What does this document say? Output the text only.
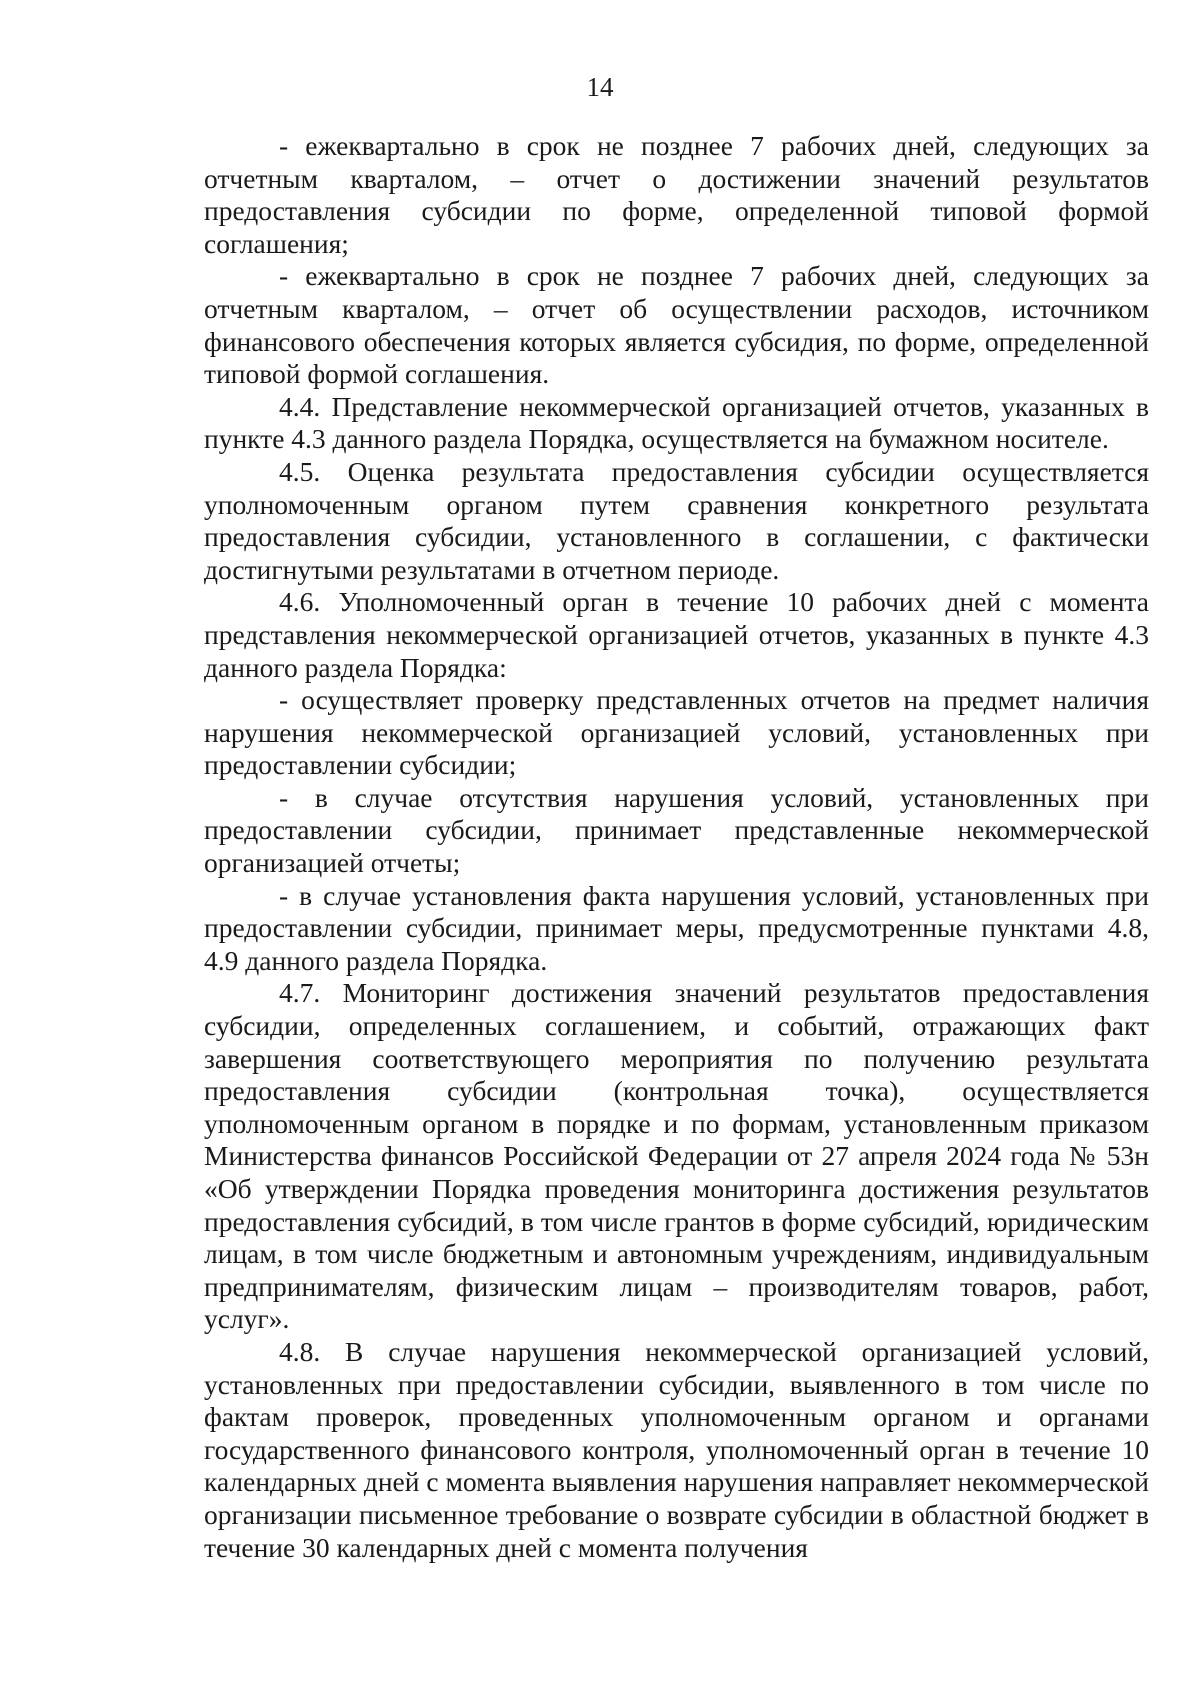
14

- ежеквартально в срок не позднее 7 рабочих дней, следующих за отчетным кварталом, – отчет о достижении значений результатов предоставления субсидии по форме, определенной типовой формой соглашения;

- ежеквартально в срок не позднее 7 рабочих дней, следующих за отчетным кварталом, – отчет об осуществлении расходов, источником финансового обеспечения которых является субсидия, по форме, определенной типовой формой соглашения.

4.4. Представление некоммерческой организацией отчетов, указанных в пункте 4.3 данного раздела Порядка, осуществляется на бумажном носителе.

4.5. Оценка результата предоставления субсидии осуществляется уполномоченным органом путем сравнения конкретного результата предоставления субсидии, установленного в соглашении, с фактически достигнутыми результатами в отчетном периоде.

4.6. Уполномоченный орган в течение 10 рабочих дней с момента представления некоммерческой организацией отчетов, указанных в пункте 4.3 данного раздела Порядка:

- осуществляет проверку представленных отчетов на предмет наличия нарушения некоммерческой организацией условий, установленных при предоставлении субсидии;

- в случае отсутствия нарушения условий, установленных при предоставлении субсидии, принимает представленные некоммерческой организацией отчеты;

- в случае установления факта нарушения условий, установленных при предоставлении субсидии, принимает меры, предусмотренные пунктами 4.8, 4.9 данного раздела Порядка.

4.7. Мониторинг достижения значений результатов предоставления субсидии, определенных соглашением, и событий, отражающих факт завершения соответствующего мероприятия по получению результата предоставления субсидии (контрольная точка), осуществляется уполномоченным органом в порядке и по формам, установленным приказом Министерства финансов Российской Федерации от 27 апреля 2024 года № 53н «Об утверждении Порядка проведения мониторинга достижения результатов предоставления субсидий, в том числе грантов в форме субсидий, юридическим лицам, в том числе бюджетным и автономным учреждениям, индивидуальным предпринимателям, физическим лицам – производителям товаров, работ, услуг».

4.8. В случае нарушения некоммерческой организацией условий, установленных при предоставлении субсидии, выявленного в том числе по фактам проверок, проведенных уполномоченным органом и органами государственного финансового контроля, уполномоченный орган в течение 10 календарных дней с момента выявления нарушения направляет некоммерческой организации письменное требование о возврате субсидии в областной бюджет в течение 30 календарных дней с момента получения
